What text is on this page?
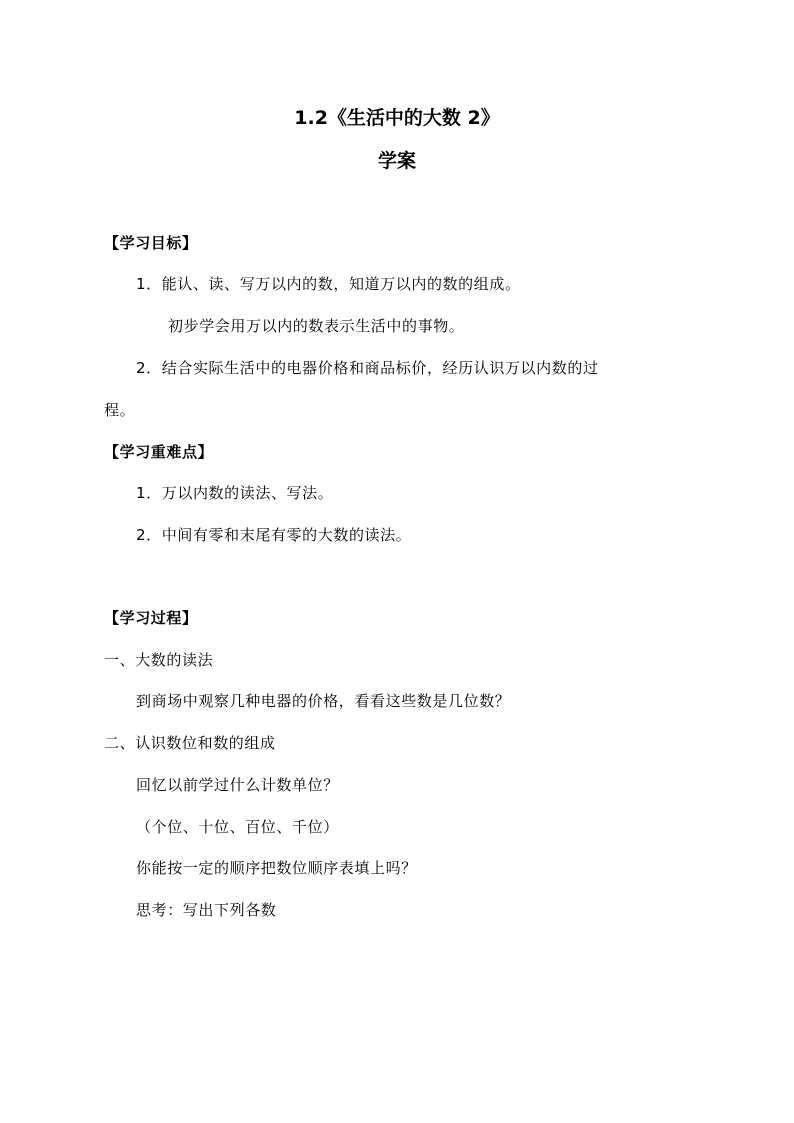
1.2《生活中的大数 2》
学案
【学习目标】
1．能认、读、写万以内的数，知道万以内的数的组成。
初步学会用万以内的数表示生活中的事物。
2．结合实际生活中的电器价格和商品标价，经历认识万以内数的过
程。
【学习重难点】
1．万以内数的读法、写法。
2．中间有零和末尾有零的大数的读法。
【学习过程】
一、大数的读法
到商场中观察几种电器的价格，看看这些数是几位数？
二、认识数位和数的组成
回忆以前学过什么计数单位？
（个位、十位、百位、千位）
你能按一定的顺序把数位顺序表填上吗？
思考：写出下列各数
